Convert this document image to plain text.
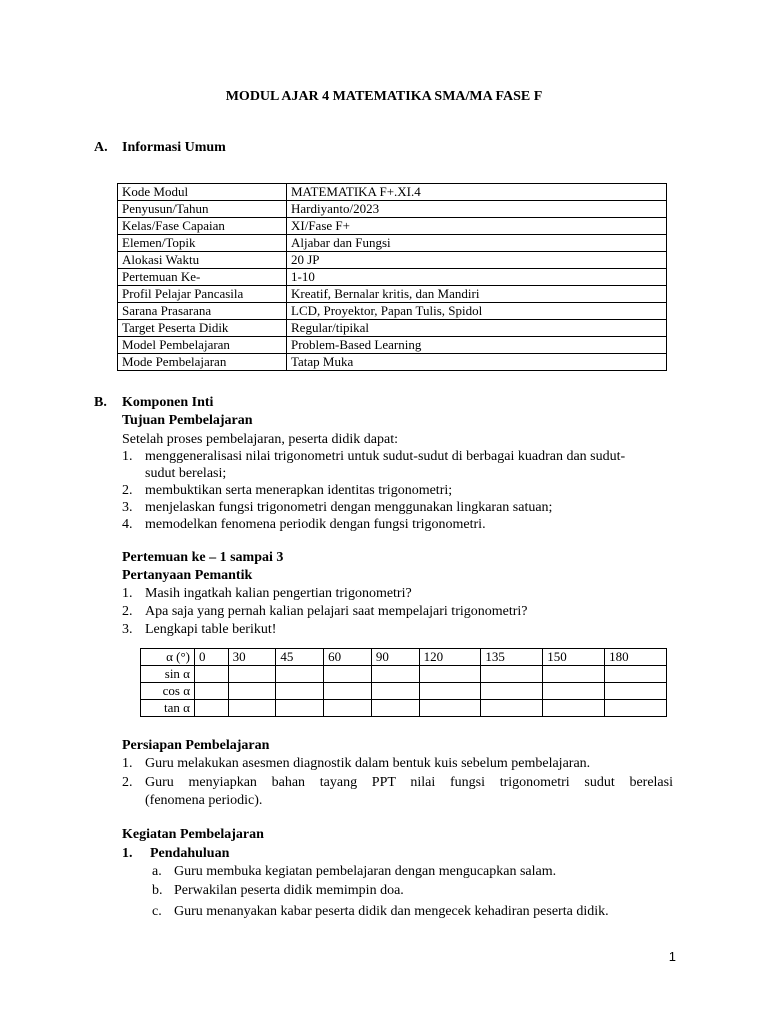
MODUL AJAR 4 MATEMATIKA SMA/MA FASE F
A. Informasi Umum
Kode Modul	MATEMATIKA F+.XI.4
Penyusun/Tahun	Hardiyanto/2023
Kelas/Fase Capaian	XI/Fase F+
Elemen/Topik	Aljabar dan Fungsi
Alokasi Waktu	20 JP
Pertemuan Ke-	1-10
Profil Pelajar Pancasila	Kreatif, Bernalar kritis, dan Mandiri
Sarana Prasarana	LCD, Proyektor, Papan Tulis, Spidol
Target Peserta Didik	Regular/tipikal
Model Pembelajaran	Problem-Based Learning
Mode Pembelajaran	Tatap Muka
B. Komponen Inti
Tujuan Pembelajaran
Setelah proses pembelajaran, peserta didik dapat:
1. menggeneralisasi nilai trigonometri untuk sudut-sudut di berbagai kuadran dan sudut-
sudut berelasi;
2. membuktikan serta menerapkan identitas trigonometri;
3. menjelaskan fungsi trigonometri dengan menggunakan lingkaran satuan;
4. memodelkan fenomena periodik dengan fungsi trigonometri.
Pertemuan ke – 1 sampai 3
Pertanyaan Pemantik
1. Masih ingatkah kalian pengertian trigonometri?
2. Apa saja yang pernah kalian pelajari saat mempelajari trigonometri?
3. Lengkapi table berikut!
α (°)	0	30	45	60	90	120	135	150	180
sin α									
cos α									
tan α									
Persiapan Pembelajaran
1. Guru melakukan asesmen diagnostik dalam bentuk kuis sebelum pembelajaran.
2. Guru menyiapkan bahan tayang PPT nilai fungsi trigonometri sudut berelasi
(fenomena periodic).
Kegiatan Pembelajaran
1. Pendahuluan
a. Guru membuka kegiatan pembelajaran dengan mengucapkan salam.
b. Perwakilan peserta didik memimpin doa.
c. Guru menanyakan kabar peserta didik dan mengecek kehadiran peserta didik.
1
